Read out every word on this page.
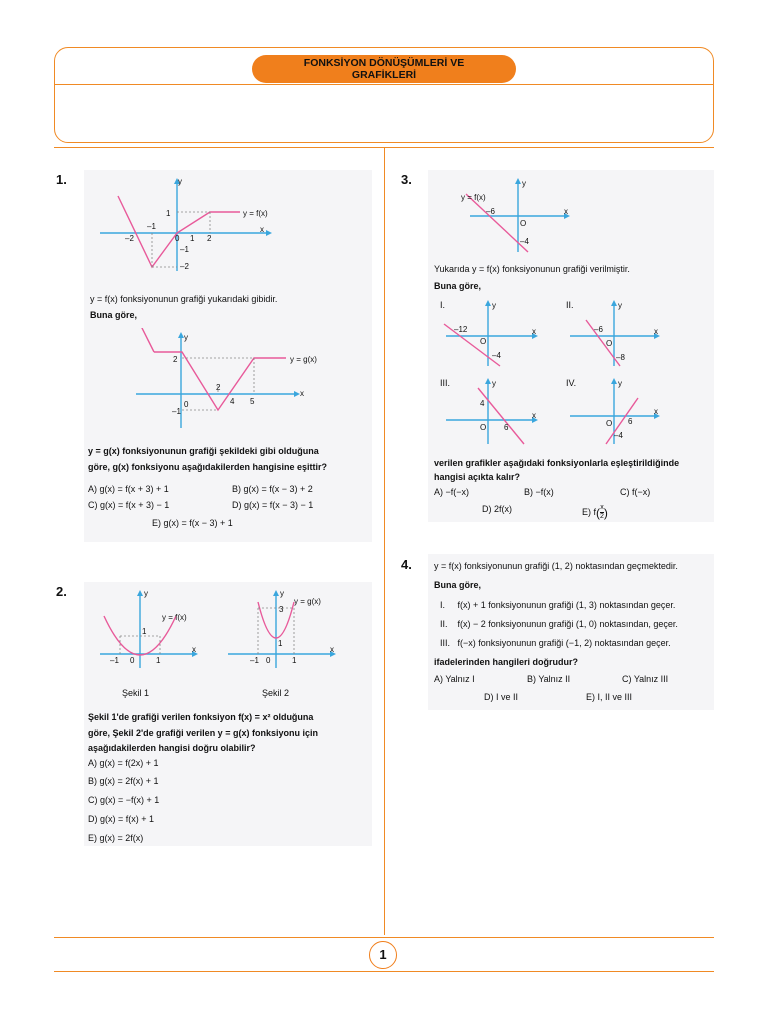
FONKSİYON DÖNÜŞÜMLERİ VE
GRAFİKLERİ
1
1.	y
x
1
–2
–1
0 1 2
–1
–2
y = f(x)
y = f(x) fonksiyonunun grafiği yukarıdaki gibidir.
Buna göre,
y
x
2
0
–1
2
4 5
y = g(x)
y = g(x) fonksiyonunun grafiği şekildeki gibi olduğuna
göre, g(x) fonksiyonu aşağıdakilerden hangisine eşittir?
A) g(x) = f(x + 3) + 1	B) g(x) = f(x − 3) + 2
C) g(x) = f(x + 3) − 1	D) g(x) = f(x − 3) − 1
E) g(x) = f(x − 3) + 1
2.	y
x
1
–1 0	1
y = f(x)
y
x
3
1
–1 0	1
y = g(x)
Şekil 1	Şekil 2
Şekil 1'de grafiği verilen fonksiyon f(x) = x² olduğuna
göre, Şekil 2'de grafiği verilen y = g(x) fonksiyonu için
aşağıdakilerden hangisi doğru olabilir?
A) g(x) = f(2x) + 1
B) g(x) = 2f(x) + 1
C) g(x) = −f(x) + 1
D) g(x) = f(x) + 1
E) g(x) = 2f(x)
3.	y
x
–6
O
–4
y = f(x)
Yukarıda y = f(x) fonksiyonunun grafiği verilmiştir.
Buna göre,
I.	y
x
–12
O
–4
II.	y
x
–6
O
–8
III.	y
x
4
O 6
IV.	y
x
O 6
–4
verilen grafikler aşağıdaki fonksiyonlarla eşleştirildiğinde
hangisi açıkta kalır?
A) −f(−x)	B) −f(x)	C) f(−x)
D) 2f(x)	E) $f( \frac{x}{2}$ )
4. y = f(x) fonksiyonunun grafiği (1, 2) noktasından geçmektedir.
Buna göre,
I.     f(x) + 1 fonksiyonunun grafiği (1, 3) noktasından geçer.
II.    f(x) − 2 fonksiyonunun grafiği (1, 0) noktasından, geçer.
III.   f(−x) fonksiyonunun grafiği (−1, 2) noktasından geçer.
ifadelerinden hangileri doğrudur?
A) Yalnız I	B) Yalnız II	C) Yalnız III
D) I ve II	E) I, II ve III
